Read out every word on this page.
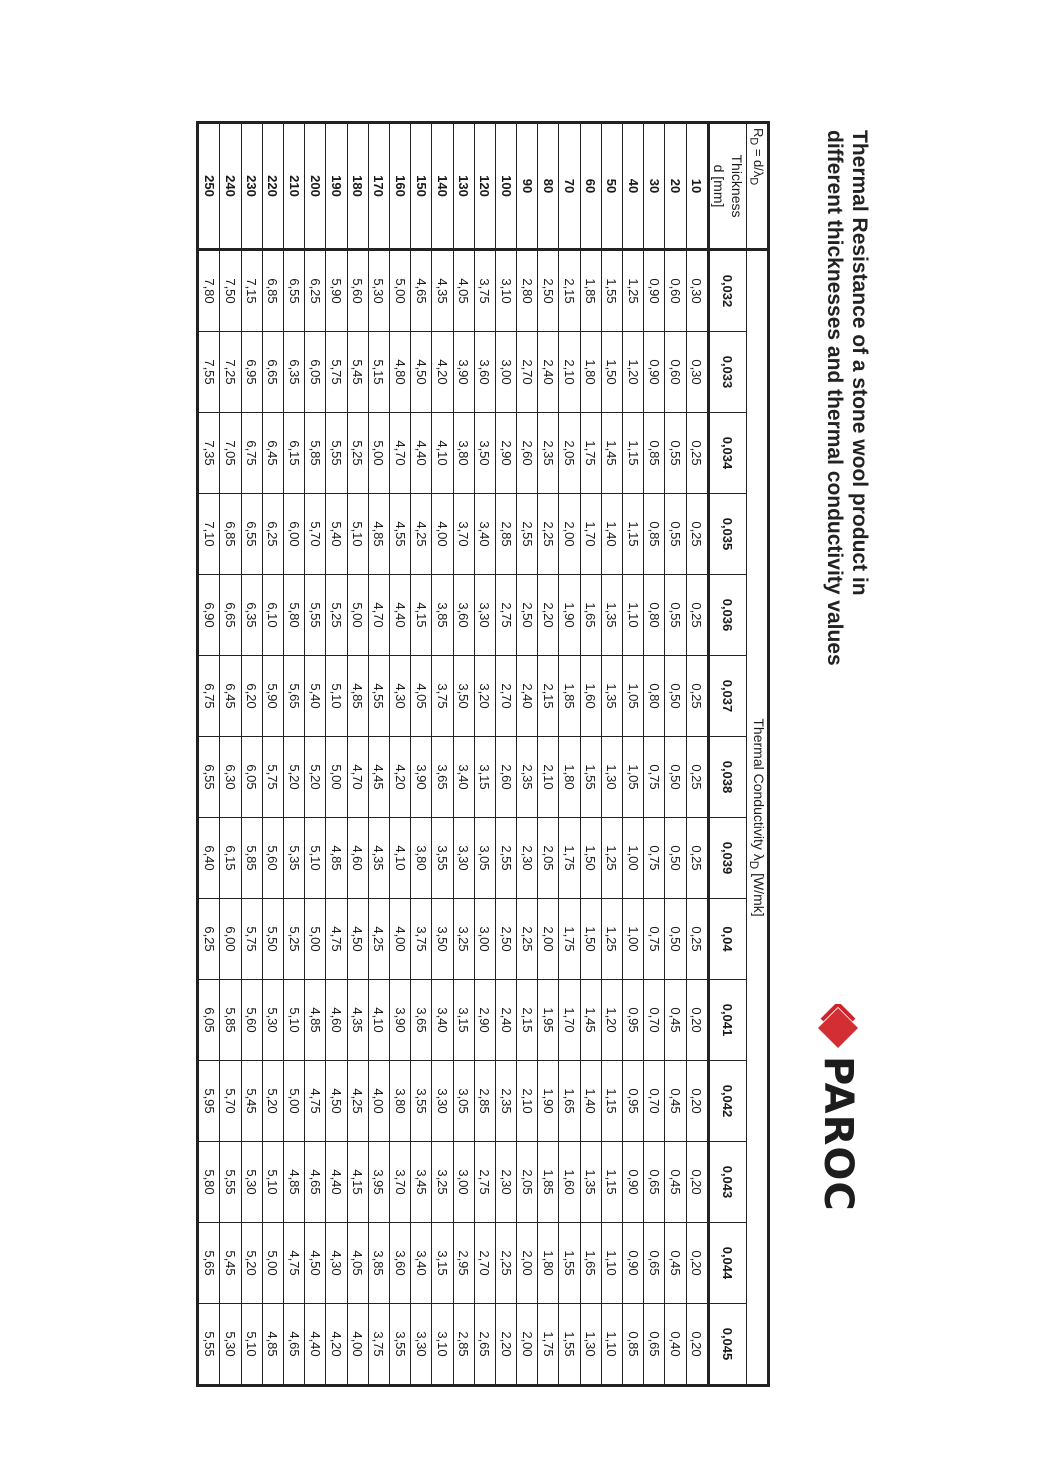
Thermal Resistance of a stone wool product in
different thicknesses and thermal conductivity values
PAROC
$R_D = d/\lambda_D$	Thermal Conductivity $\lambda_D$ [W/mk]													

Thickness
d [mm]	0,032	0,033	0,034	0,035	0,036	0,037	0,038	0,039	0,04	0,041	0,042	0,043	0,044	0,045
10	0,30	0,30	0,25	0,25	0,25	0,25	0,25	0,25	0,25	0,20	0,20	0,20	0,20	0,20
20	0,60	0,60	0,55	0,55	0,55	0,50	0,50	0,50	0,50	0,45	0,45	0,45	0,45	0,40
30	0,90	0,90	0,85	0,85	0,80	0,80	0,75	0,75	0,75	0,70	0,70	0,65	0,65	0,65
40	1,25	1,20	1,15	1,15	1,10	1,05	1,05	1,00	1,00	0,95	0,95	0,90	0,90	0,85
50	1,55	1,50	1,45	1,40	1,35	1,35	1,30	1,25	1,25	1,20	1,15	1,15	1,10	1,10
60	1,85	1,80	1,75	1,70	1,65	1,60	1,55	1,50	1,50	1,45	1,40	1,35	1,65	1,30
70	2,15	2,10	2,05	2,00	1,90	1,85	1,80	1,75	1,75	1,70	1,65	1,60	1,55	1,55
80	2,50	2,40	2,35	2,25	2,20	2,15	2,10	2,05	2,00	1,95	1,90	1,85	1,80	1,75
90	2,80	2,70	2,60	2,55	2,50	2,40	2,35	2,30	2,25	2,15	2,10	2,05	2,00	2,00
100	3,10	3,00	2,90	2,85	2,75	2,70	2,60	2,55	2,50	2,40	2,35	2,30	2,25	2,20
120	3,75	3,60	3,50	3,40	3,30	3,20	3,15	3,05	3,00	2,90	2,85	2,75	2,70	2,65
130	4,05	3,90	3,80	3,70	3,60	3,50	3,40	3,30	3,25	3,15	3,05	3,00	2,95	2,85
140	4,35	4,20	4,10	4,00	3,85	3,75	3,65	3,55	3,50	3,40	3,30	3,25	3,15	3,10
150	4,65	4,50	4,40	4,25	4,15	4,05	3,90	3,80	3,75	3,65	3,55	3,45	3,40	3,30
160	5,00	4,80	4,70	4,55	4,40	4,30	4,20	4,10	4,00	3,90	3,80	3,70	3,60	3,55
170	5,30	5,15	5,00	4,85	4,70	4,55	4,45	4,35	4,25	4,10	4,00	3,95	3,85	3,75
180	5,60	5,45	5,25	5,10	5,00	4,85	4,70	4,60	4,50	4,35	4,25	4,15	4,05	4,00
190	5,90	5,75	5,55	5,40	5,25	5,10	5,00	4,85	4,75	4,60	4,50	4,40	4,30	4,20
200	6,25	6,05	5,85	5,70	5,55	5,40	5,20	5,10	5,00	4,85	4,75	4,65	4,50	4,40
210	6,55	6,35	6,15	6,00	5,80	5,65	5,20	5,35	5,25	5,10	5,00	4,85	4,75	4,65
220	6,85	6,65	6,45	6,25	6,10	5,90	5,75	5,60	5,50	5,30	5,20	5,10	5,00	4,85
230	7,15	6,95	6,75	6,55	6,35	6,20	6,05	5,85	5,75	5,60	5,45	5,30	5,20	5,10
240	7,50	7,25	7,05	6,85	6,65	6,45	6,30	6,15	6,00	5,85	5,70	5,55	5,45	5,30
250	7,80	7,55	7,35	7,10	6,90	6,75	6,55	6,40	6,25	6,05	5,95	5,80	5,65	5,55
